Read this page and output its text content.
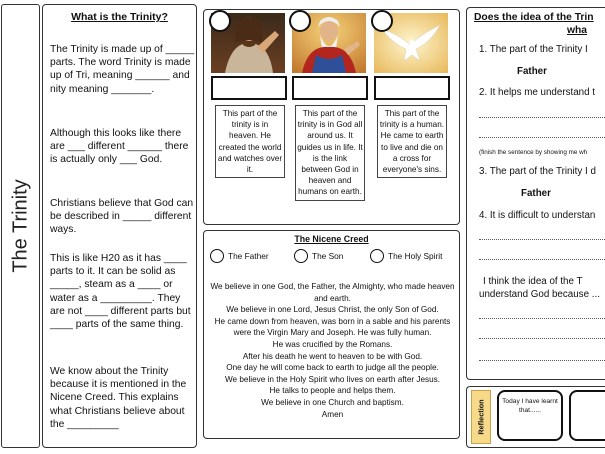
The Trinity
What is the Trinity?
The Trinity is made up of _____ parts. The word Trinity is made up of Tri, meaning ______ and nity meaning _______.
Although this looks like there are ___ different ______ there is actually only ___ God.
Christians believe that God can be described in _____ different ways.
This is like H20 as it has ____ parts to it. It can be solid as _____, steam as a ____ or water as a _________. They are not ____ different parts but ____ parts of the same thing.
We know about the Trinity because it is mentioned in the Nicene Creed. This explains what Christians believe about the _________
This part of the trinity is in heaven. He created the world and watches over it.
This part of the trinity is in God all around us. It guides us in life. It is the link between God in heaven and humans on earth.
This part of the trinity is a human. He came to earth to live and die on a cross for everyone's sins.
The Nicene Creed
The Father	The Son	The Holy Spirit
We believe in one God, the Father, the Almighty, who made heaven and earth.
We believe in one Lord, Jesus Christ, the only Son of God.
He came down from heaven, was born in a sable and his parents were the Virgin Mary and Joseph. He was fully human.
He was crucified by the Romans.
After his death he went to heaven to be with God.
One day he will come back to earth to judge all the people.
We believe in the Holy Spirit who lives on earth after Jesus.
He talks to people and helps them.
We believe in one Church and baptism.
Amen
Does the idea of the Trin
wha
1. The part of the Trinity I
Father
2. It helps me understand t
(finish the sentence by showing me wh
3. The part of the Trinity I d
Father
4. It is difficult to understan
I think the idea of the T
understand God because ...
Reflection	Today I have learnt that......
